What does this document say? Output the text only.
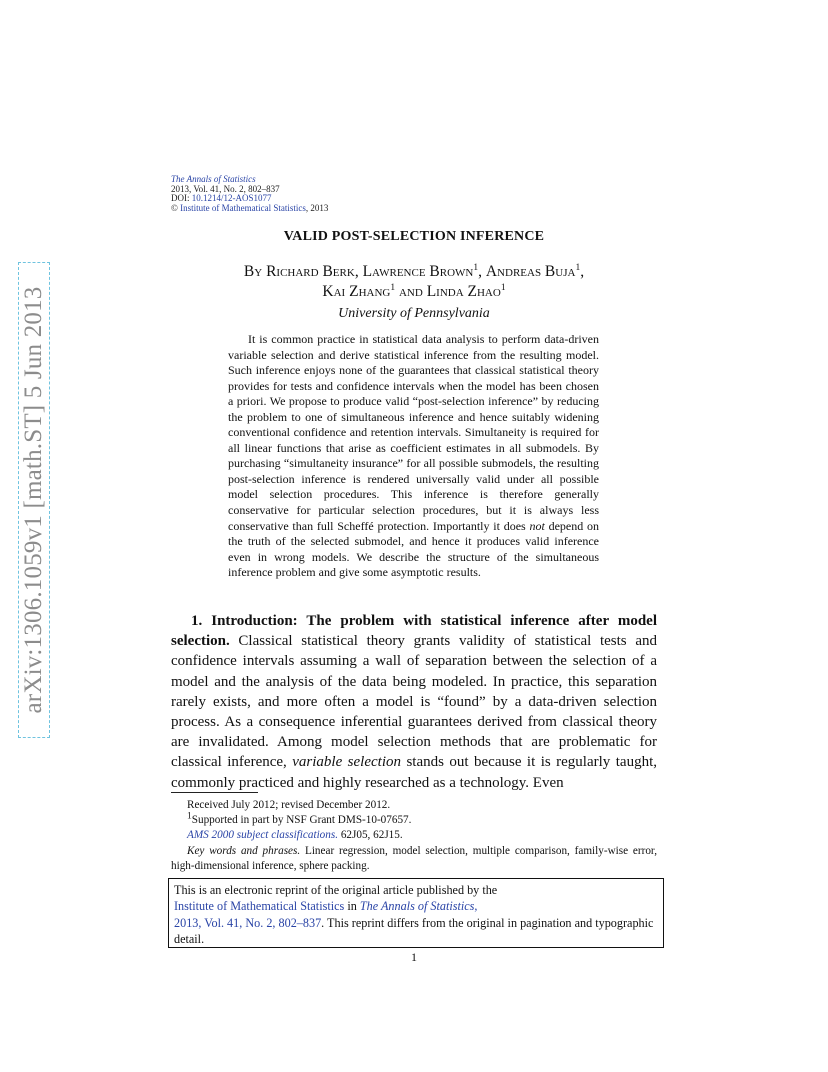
arXiv:1306.1059v1 [math.ST] 5 Jun 2013
The Annals of Statistics
2013, Vol. 41, No. 2, 802–837
DOI: 10.1214/12-AOS1077
© Institute of Mathematical Statistics, 2013
VALID POST-SELECTION INFERENCE
By Richard Berk, Lawrence Brown$^1$, Andreas Buja$^1$,
Kai Zhang$^1$ and Linda Zhao$^1$
University of Pennsylvania

It is common practice in statistical data analysis to perform data-driven variable selection and derive statistical inference from the resulting model. Such inference enjoys none of the guarantees that classical statistical theory provides for tests and confidence intervals when the model has been chosen a priori. We propose to produce valid “post-selection inference” by reducing the problem to one of simultaneous inference and hence suitably widening conventional confidence and retention intervals. Simultaneity is required for all linear functions that arise as coefficient estimates in all submodels. By purchasing “simultaneity insurance” for all possible submodels, the resulting post-selection inference is rendered universally valid under all possible model selection procedures. This inference is therefore generally conservative for particular selection procedures, but it is always less conservative than full Scheffé protection. Importantly it does not depend on the truth of the selected submodel, and hence it produces valid inference even in wrong models. We describe the structure of the simultaneous inference problem and give some asymptotic results.

1. Introduction: The problem with statistical inference after model selection. Classical statistical theory grants validity of statistical tests and confidence intervals assuming a wall of separation between the selection of a model and the analysis of the data being modeled. In practice, this separation rarely exists, and more often a model is “found” by a data-driven selection process. As a consequence inferential guarantees derived from classical theory are invalidated. Among model selection methods that are problematic for classical inference, variable selection stands out because it is regularly taught, commonly practiced and highly researched as a technology. Even

Received July 2012; revised December 2012.

$^1$Supported in part by NSF Grant DMS-10-07657.

AMS 2000 subject classifications. 62J05, 62J15.

Key words and phrases. Linear regression, model selection, multiple comparison, family-wise error, high-dimensional inference, sphere packing.

This is an electronic reprint of the original article published by the
Institute of Mathematical Statistics in The Annals of Statistics,
2013, Vol. 41, No. 2, 802–837. This reprint differs from the original in pagination and typographic detail.
1
